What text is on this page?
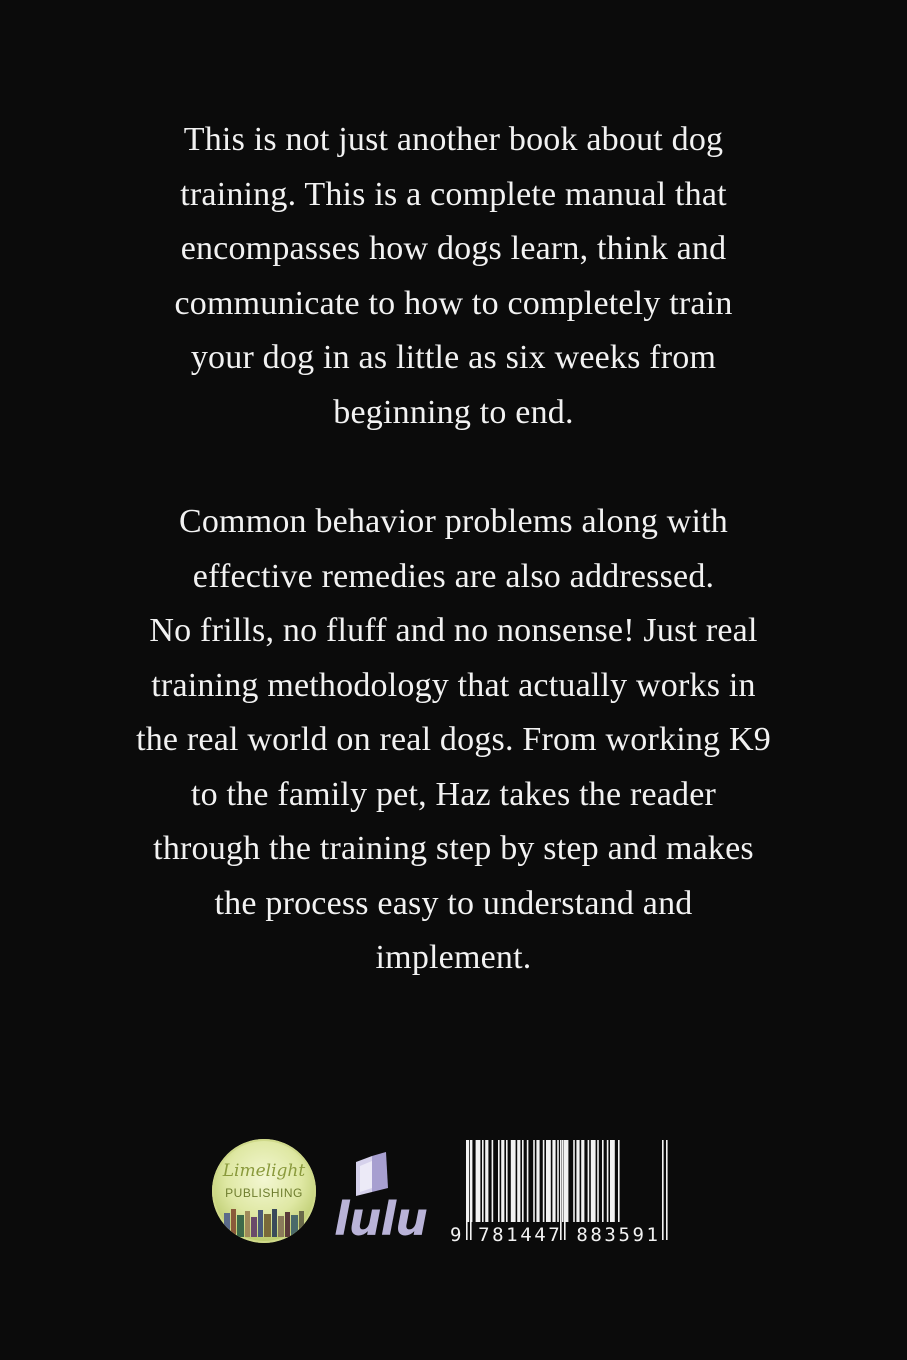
This is not just another book about dog
training. This is a complete manual that
encompasses how dogs learn, think and
communicate to how to completely train
your dog in as little as six weeks from
beginning to end.
Common behavior problems along with
effective remedies are also addressed.
No frills, no fluff and no nonsense! Just real
training methodology that actually works in
the real world on real dogs. From working K9
to the family pet, Haz takes the reader
through the training step by step and makes
the process easy to understand and
implement.
Limelight
PUBLISHING lulu 9 781447 883591
